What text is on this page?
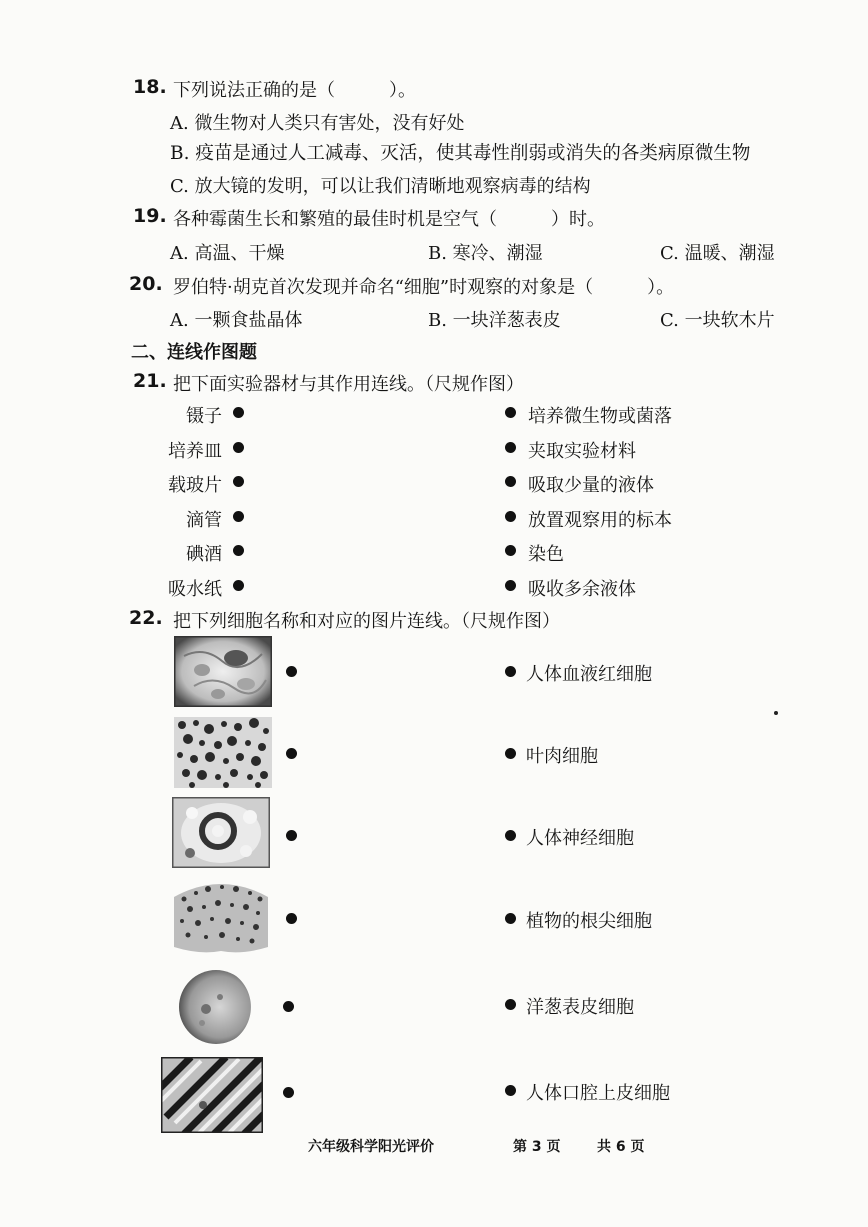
18. 下列说法正确的是（　　　）。
A. 微生物对人类只有害处，没有好处
B. 疫苗是通过人工减毒、灭活，使其毒性削弱或消失的各类病原微生物
C. 放大镜的发明，可以让我们清晰地观察病毒的结构
19. 各种霉菌生长和繁殖的最佳时机是空气（　　　）时。
A. 高温、干燥	B. 寒冷、潮湿	C. 温暖、潮湿
20. 罗伯特·胡克首次发现并命名“细胞”时观察的对象是（　　　）。
A. 一颗食盐晶体	B. 一块洋葱表皮	C. 一块软木片
二、连线作图题
21. 把下面实验器材与其作用连线。（尺规作图）
镊子
培养皿
载玻片
滴管
碘酒
吸水纸
培养微生物或菌落
夹取实验材料
吸取少量的液体
放置观察用的标本
染色
吸收多余液体
22. 把下列细胞名称和对应的图片连线。（尺规作图）
人体血液红细胞
叶肉细胞
人体神经细胞
植物的根尖细胞
洋葱表皮细胞
人体口腔上皮细胞
六年级科学阳光评价	第 3 页	共 6 页
